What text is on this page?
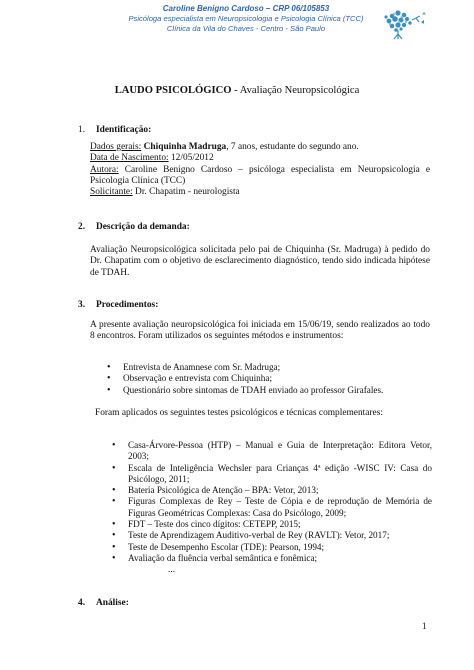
Caroline Benigno Cardoso – CRP 06/105853
Psicóloga especialista em Neuropsicologia e Psicologia Clínica (TCC)
Clínica da Vila do Chaves - Centro - São Paulo
LAUDO PSICOLÓGICO - Avaliação Neuropsicológica
1. Identificação:
Dados gerais: Chiquinha Madruga, 7 anos, estudante do segundo ano.
Data de Nascimento: 12/05/2012
Autora: Caroline Benigno Cardoso – psicóloga especialista em Neuropsicologia e Psicologia Clínica (TCC)
Solicitante: Dr. Chapatim - neurologista
2. Descrição da demanda:
Avaliação Neuropsicológica solicitada pelo pai de Chiquinha (Sr. Madruga) à pedido do Dr. Chapatim com o objetivo de esclarecimento diagnóstico, tendo sido indicada hipótese de TDAH.
3. Procedimentos:
A presente avaliação neuropsicológica foi iniciada em 15/06/19, sendo realizados ao todo 8 encontros. Foram utilizados os seguintes métodos e instrumentos:
• Entrevista de Anamnese com Sr. Madruga;
• Observação e entrevista com Chiquinha;
• Questionário sobre sintomas de TDAH enviado ao professor Girafales.
Foram aplicados os seguintes testes psicológicos e técnicas complementares:
• Casa-Árvore-Pessoa (HTP) – Manual e Guia de Interpretação: Editora Vetor, 2003;
• Escala de Inteligência Wechsler para Crianças 4ª edição -WISC IV: Casa do Psicólogo, 2011;
• Bateria Psicológica de Atenção – BPA: Vetor, 2013;
• Figuras Complexas de Rey – Teste de Cópia e de reprodução de Memória de Figuras Geométricas Complexas: Casa do Psicólogo, 2009;
• FDT – Teste dos cinco dígitos: CETEPP, 2015;
• Teste de Aprendizagem Auditivo-verbal de Rey (RAVLT): Vetor, 2017;
• Teste de Desempenho Escolar (TDE): Pearson, 1994;
• Avaliação da fluência verbal semântica e fonêmica;
...
4. Análise:
1
